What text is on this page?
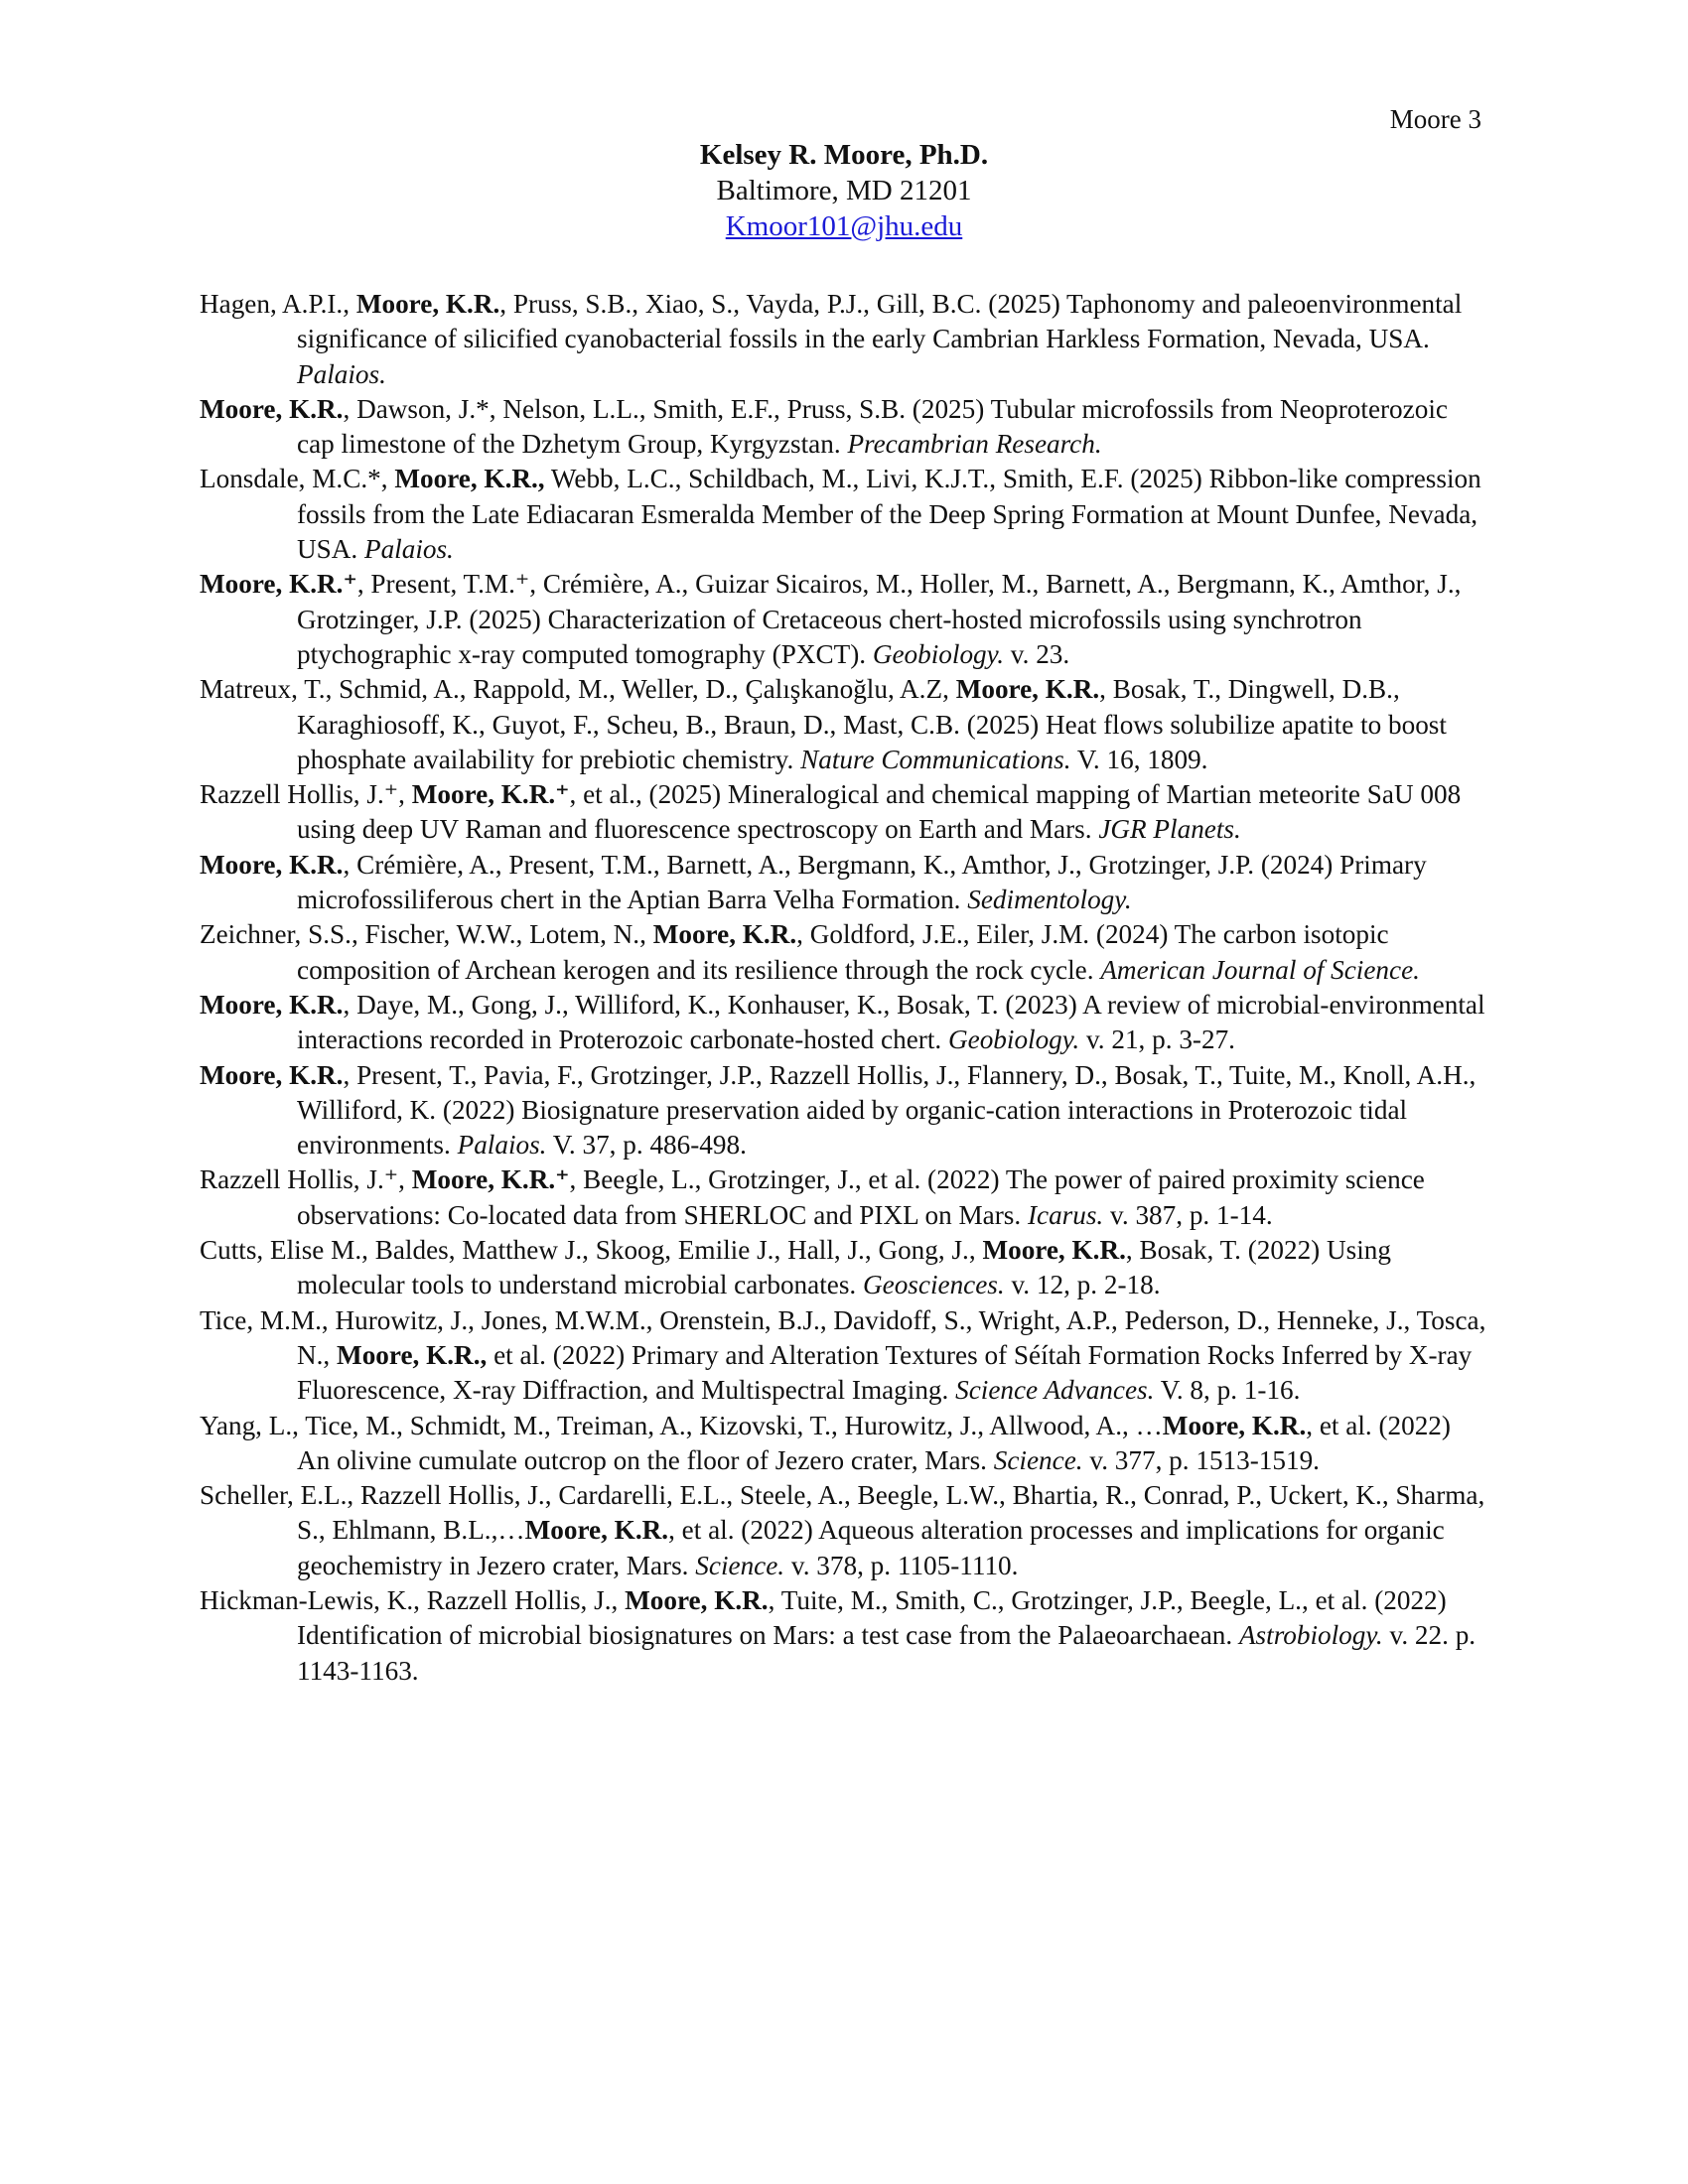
Moore 3
Kelsey R. Moore, Ph.D.
Baltimore, MD 21201
Kmoor101@jhu.edu
Hagen, A.P.I., Moore, K.R., Pruss, S.B., Xiao, S., Vayda, P.J., Gill, B.C. (2025) Taphonomy and paleoenvironmental significance of silicified cyanobacterial fossils in the early Cambrian Harkless Formation, Nevada, USA. Palaios.
Moore, K.R., Dawson, J.*, Nelson, L.L., Smith, E.F., Pruss, S.B. (2025) Tubular microfossils from Neoproterozoic cap limestone of the Dzhetym Group, Kyrgyzstan. Precambrian Research.
Lonsdale, M.C.*, Moore, K.R., Webb, L.C., Schildbach, M., Livi, K.J.T., Smith, E.F. (2025) Ribbon-like compression fossils from the Late Ediacaran Esmeralda Member of the Deep Spring Formation at Mount Dunfee, Nevada, USA. Palaios.
Moore, K.R.⁺, Present, T.M.⁺, Crémière, A., Guizar Sicairos, M., Holler, M., Barnett, A., Bergmann, K., Amthor, J., Grotzinger, J.P. (2025) Characterization of Cretaceous chert-hosted microfossils using synchrotron ptychographic x-ray computed tomography (PXCT). Geobiology. v. 23.
Matreux, T., Schmid, A., Rappold, M., Weller, D., Çalışkanoğlu, A.Z, Moore, K.R., Bosak, T., Dingwell, D.B., Karaghiosoff, K., Guyot, F., Scheu, B., Braun, D., Mast, C.B. (2025) Heat flows solubilize apatite to boost phosphate availability for prebiotic chemistry. Nature Communications. V. 16, 1809.
Razzell Hollis, J.⁺, Moore, K.R.⁺, et al., (2025) Mineralogical and chemical mapping of Martian meteorite SaU 008 using deep UV Raman and fluorescence spectroscopy on Earth and Mars. JGR Planets.
Moore, K.R., Crémière, A., Present, T.M., Barnett, A., Bergmann, K., Amthor, J., Grotzinger, J.P. (2024) Primary microfossiliferous chert in the Aptian Barra Velha Formation. Sedimentology.
Zeichner, S.S., Fischer, W.W., Lotem, N., Moore, K.R., Goldford, J.E., Eiler, J.M. (2024) The carbon isotopic composition of Archean kerogen and its resilience through the rock cycle. American Journal of Science.
Moore, K.R., Daye, M., Gong, J., Williford, K., Konhauser, K., Bosak, T. (2023) A review of microbial-environmental interactions recorded in Proterozoic carbonate-hosted chert. Geobiology. v. 21, p. 3-27.
Moore, K.R., Present, T., Pavia, F., Grotzinger, J.P., Razzell Hollis, J., Flannery, D., Bosak, T., Tuite, M., Knoll, A.H., Williford, K. (2022) Biosignature preservation aided by organic-cation interactions in Proterozoic tidal environments. Palaios. V. 37, p. 486-498.
Razzell Hollis, J.⁺, Moore, K.R.⁺, Beegle, L., Grotzinger, J., et al. (2022) The power of paired proximity science observations: Co-located data from SHERLOC and PIXL on Mars. Icarus. v. 387, p. 1-14.
Cutts, Elise M., Baldes, Matthew J., Skoog, Emilie J., Hall, J., Gong, J., Moore, K.R., Bosak, T. (2022) Using molecular tools to understand microbial carbonates. Geosciences. v. 12, p. 2-18.
Tice, M.M., Hurowitz, J., Jones, M.W.M., Orenstein, B.J., Davidoff, S., Wright, A.P., Pederson, D., Henneke, J., Tosca, N., Moore, K.R., et al. (2022) Primary and Alteration Textures of Séítah Formation Rocks Inferred by X-ray Fluorescence, X-ray Diffraction, and Multispectral Imaging. Science Advances. V. 8, p. 1-16.
Yang, L., Tice, M., Schmidt, M., Treiman, A., Kizovski, T., Hurowitz, J., Allwood, A., …Moore, K.R., et al. (2022) An olivine cumulate outcrop on the floor of Jezero crater, Mars. Science. v. 377, p. 1513-1519.
Scheller, E.L., Razzell Hollis, J., Cardarelli, E.L., Steele, A., Beegle, L.W., Bhartia, R., Conrad, P., Uckert, K., Sharma, S., Ehlmann, B.L.,…Moore, K.R., et al. (2022) Aqueous alteration processes and implications for organic geochemistry in Jezero crater, Mars. Science. v. 378, p. 1105-1110.
Hickman-Lewis, K., Razzell Hollis, J., Moore, K.R., Tuite, M., Smith, C., Grotzinger, J.P., Beegle, L., et al. (2022) Identification of microbial biosignatures on Mars: a test case from the Palaeoarchaean. Astrobiology. v. 22. p. 1143-1163.
